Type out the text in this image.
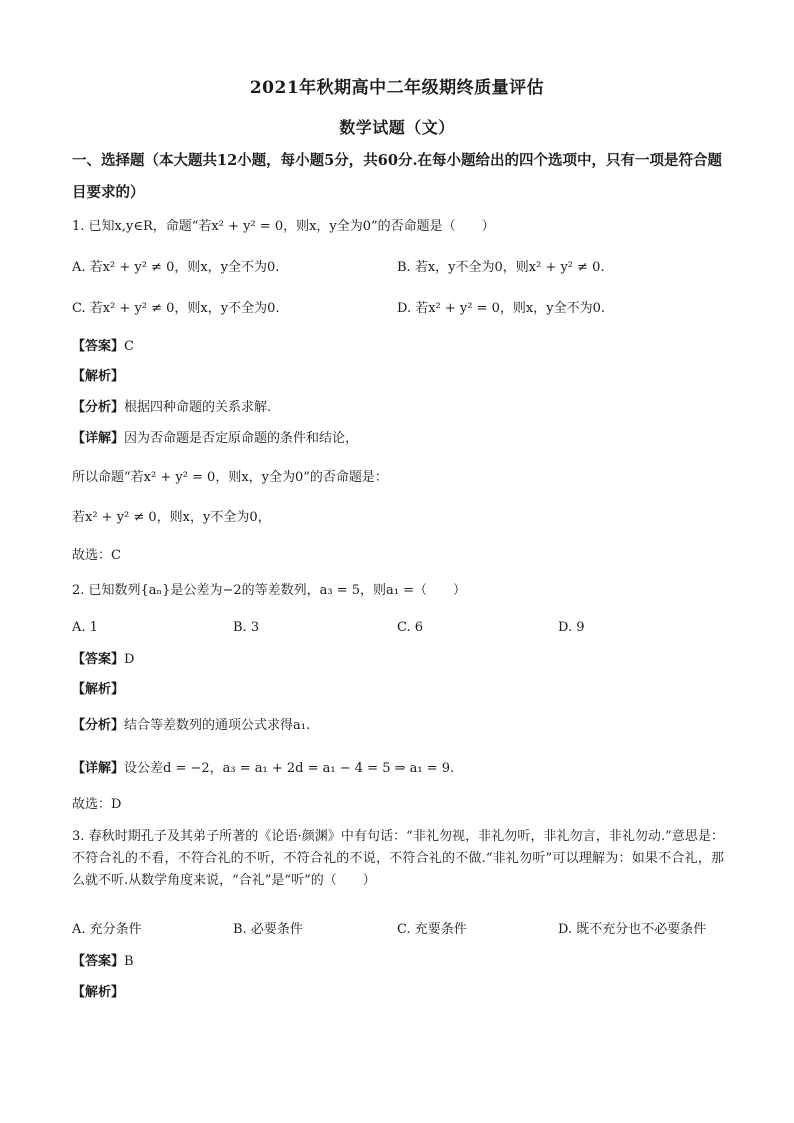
2021年秋期高中二年级期终质量评估
数学试题（文）
一、选择题（本大题共12小题，每小题5分，共60分.在每小题给出的四个选项中，只有一项是符合题目要求的）
1. 已知x,y∈R，命题“若x² + y² = 0，则x，y全为0”的否命题是（　　）
A. 若x² + y² ≠ 0，则x，y全不为0.	B. 若x，y不全为0，则x² + y² ≠ 0.
C. 若x² + y² ≠ 0，则x，y不全为0.	D. 若x² + y² = 0，则x，y全不为0.
【答案】C
【解析】
【分析】根据四种命题的关系求解.
【详解】因为否命题是否定原命题的条件和结论，
所以命题“若x² + y² = 0，则x，y全为0”的否命题是：
若x² + y² ≠ 0，则x，y不全为0，
故选：C
2. 已知数列{aₙ}是公差为−2的等差数列，a₃ = 5，则a₁ =（　　）
A. 1	B. 3	C. 6	D. 9
【答案】D
【解析】
【分析】结合等差数列的通项公式求得a₁.
【详解】设公差d = −2，a₃ = a₁ + 2d = a₁ − 4 = 5 ⇒ a₁ = 9.
故选：D
3. 春秋时期孔子及其弟子所著的《论语·颜渊》中有句话：“非礼勿视，非礼勿听，非礼勿言，非礼勿动.”意思是：不符合礼的不看，不符合礼的不听，不符合礼的不说，不符合礼的不做.“非礼勿听”可以理解为：如果不合礼，那么就不听.从数学角度来说，“合礼”是“听”的（　　）
A. 充分条件	B. 必要条件	C. 充要条件	D. 既不充分也不必要条件
【答案】B
【解析】
